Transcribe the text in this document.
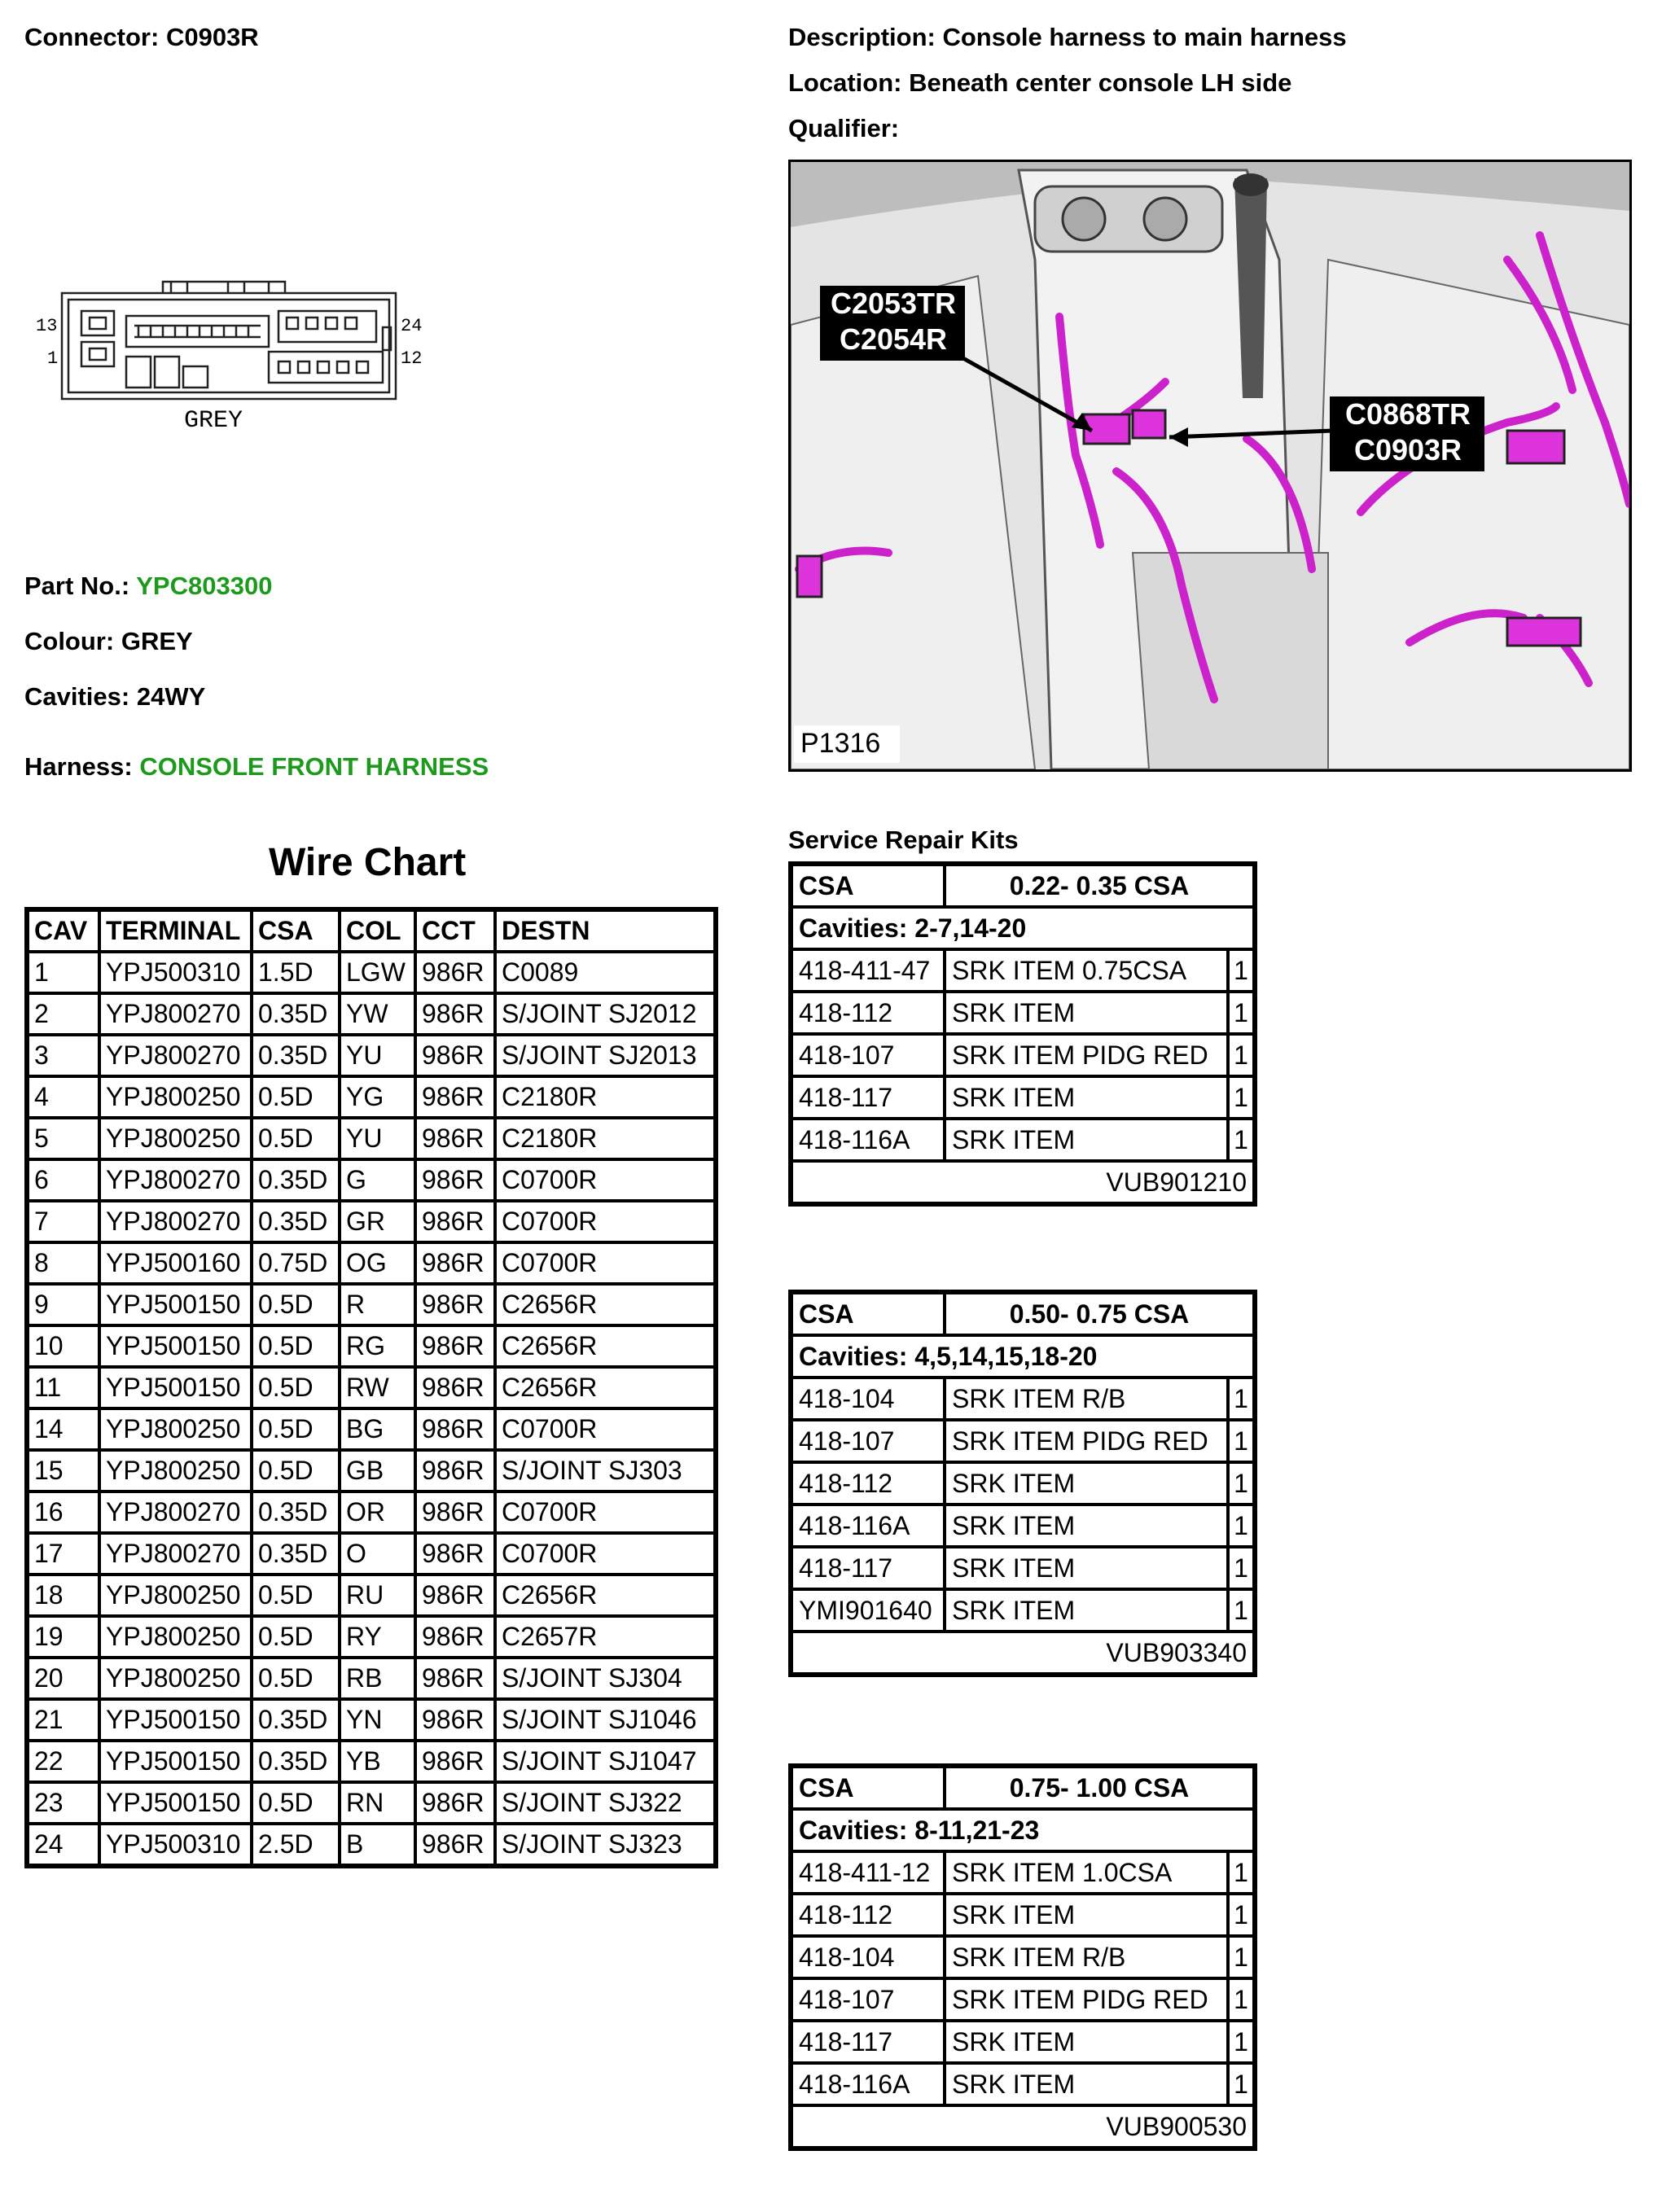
Connector: C0903R	Description: Console harness to main harness
Location: Beneath center console LH side
Qualifier:
13
1
24
12
GREY
Part No.: YPC803300
Colour: GREY
Cavities: 24WY
Harness: CONSOLE FRONT HARNESS
C2053TR
C2054R
C0868TR
C0903R
P1316
Wire Chart
CAV	TERMINAL	CSA	COL	CCT	DESTN
1	YPJ500310	1.5D	LGW	986R	C0089
2	YPJ800270	0.35D	YW	986R	S/JOINT SJ2012
3	YPJ800270	0.35D	YU	986R	S/JOINT SJ2013
4	YPJ800250	0.5D	YG	986R	C2180R
5	YPJ800250	0.5D	YU	986R	C2180R
6	YPJ800270	0.35D	G	986R	C0700R
7	YPJ800270	0.35D	GR	986R	C0700R
8	YPJ500160	0.75D	OG	986R	C0700R
9	YPJ500150	0.5D	R	986R	C2656R
10	YPJ500150	0.5D	RG	986R	C2656R
11	YPJ500150	0.5D	RW	986R	C2656R
14	YPJ800250	0.5D	BG	986R	C0700R
15	YPJ800250	0.5D	GB	986R	S/JOINT SJ303
16	YPJ800270	0.35D	OR	986R	C0700R
17	YPJ800270	0.35D	O	986R	C0700R
18	YPJ800250	0.5D	RU	986R	C2656R
19	YPJ800250	0.5D	RY	986R	C2657R
20	YPJ800250	0.5D	RB	986R	S/JOINT SJ304
21	YPJ500150	0.35D	YN	986R	S/JOINT SJ1046
22	YPJ500150	0.35D	YB	986R	S/JOINT SJ1047
23	YPJ500150	0.5D	RN	986R	S/JOINT SJ322
24	YPJ500310	2.5D	B	986R	S/JOINT SJ323
Service Repair Kits
CSA	0.22- 0.35 CSA	
Cavities: 2-7,14-20		
418-411-47	SRK ITEM 0.75CSA	1
418-112	SRK ITEM	1
418-107	SRK ITEM PIDG RED	1
418-117	SRK ITEM	1
418-116A	SRK ITEM	1
VUB901210		
CSA	0.50- 0.75 CSA	
Cavities: 4,5,14,15,18-20		
418-104	SRK ITEM R/B	1
418-107	SRK ITEM PIDG RED	1
418-112	SRK ITEM	1
418-116A	SRK ITEM	1
418-117	SRK ITEM	1
YMI901640	SRK ITEM	1
VUB903340		
CSA	0.75- 1.00 CSA	
Cavities: 8-11,21-23		
418-411-12	SRK ITEM 1.0CSA	1
418-112	SRK ITEM	1
418-104	SRK ITEM R/B	1
418-107	SRK ITEM PIDG RED	1
418-117	SRK ITEM	1
418-116A	SRK ITEM	1
VUB900530		
